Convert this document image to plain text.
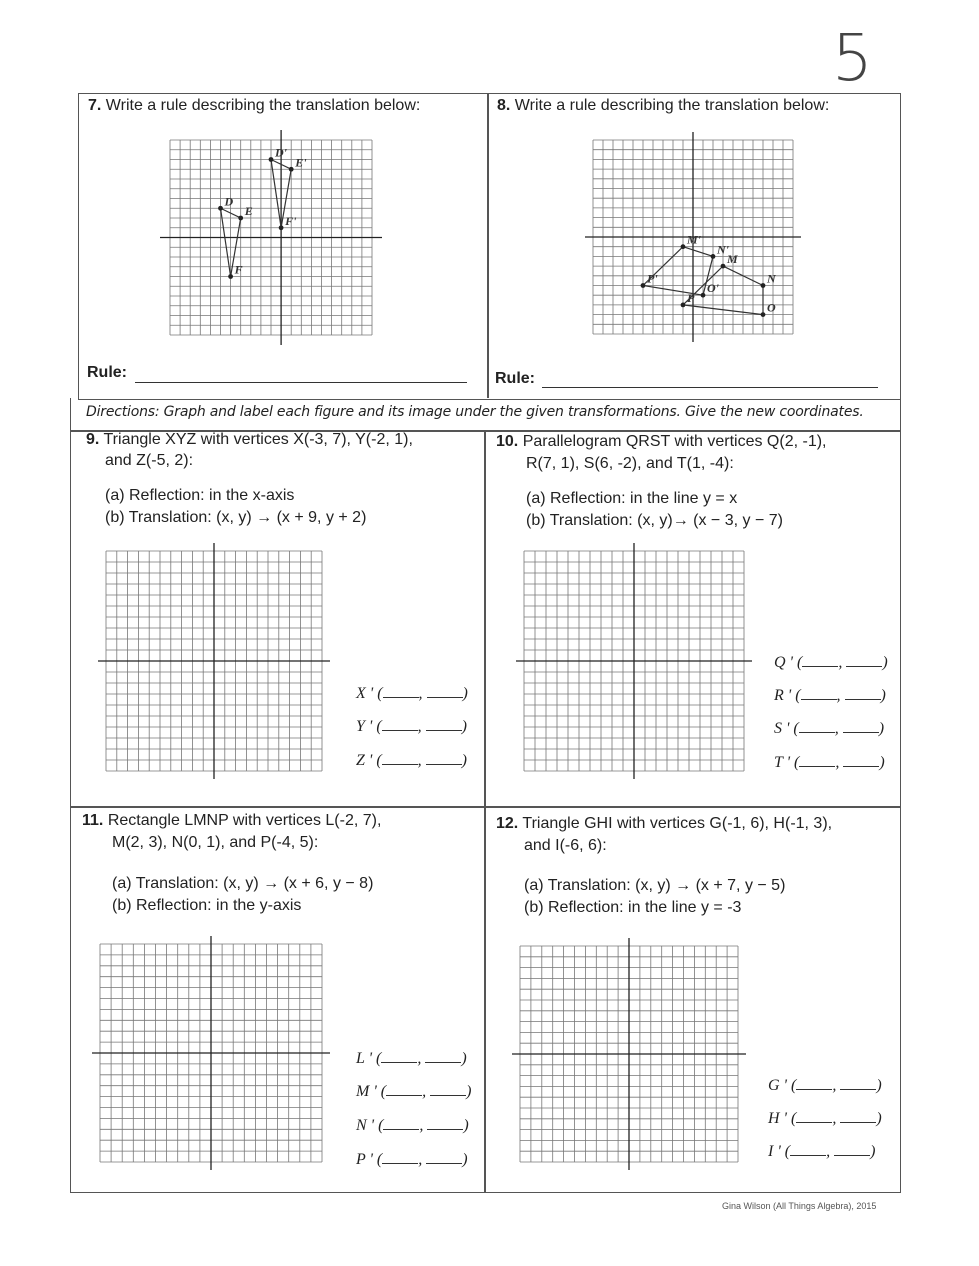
5
7. Write a rule describing the translation below:
D'
E'
F'
D
E
F
Rule:
8. Write a rule describing the translation below:
M'
N'
P'
O'
M
N
P
O
Rule:
Directions: Graph and label each figure and its image under the given transformations. Give the new coordinates.
9. Triangle XYZ with vertices X(-3, 7), Y(-2, 1),
and Z(-5, 2):
(a) Reflection: in the x-axis
(b) Translation: (x, y) → (x + 9, y + 2)
X ' ( , )
Y ' ( , )
Z ' ( , )
10. Parallelogram QRST with vertices Q(2, -1),
R(7, 1), S(6, -2), and T(1, -4):
(a) Reflection: in the line y = x
(b) Translation: (x, y)→ (x − 3, y − 7)
Q ' ( , )
R ' ( , )
S ' ( , )
T ' ( , )
11. Rectangle LMNP with vertices L(-2, 7),
M(2, 3), N(0, 1), and P(-4, 5):
(a) Translation: (x, y) → (x + 6, y − 8)
(b) Reflection: in the y-axis
L ' ( , )
M ' ( , )
N ' ( , )
P ' ( , )
12. Triangle GHI with vertices G(-1, 6), H(-1, 3),
and I(-6, 6):
(a) Translation: (x, y) → (x + 7, y − 5)
(b) Reflection: in the line y = -3
G ' ( , )
H ' ( , )
I ' ( , )
Gina Wilson (All Things Algebra), 2015
